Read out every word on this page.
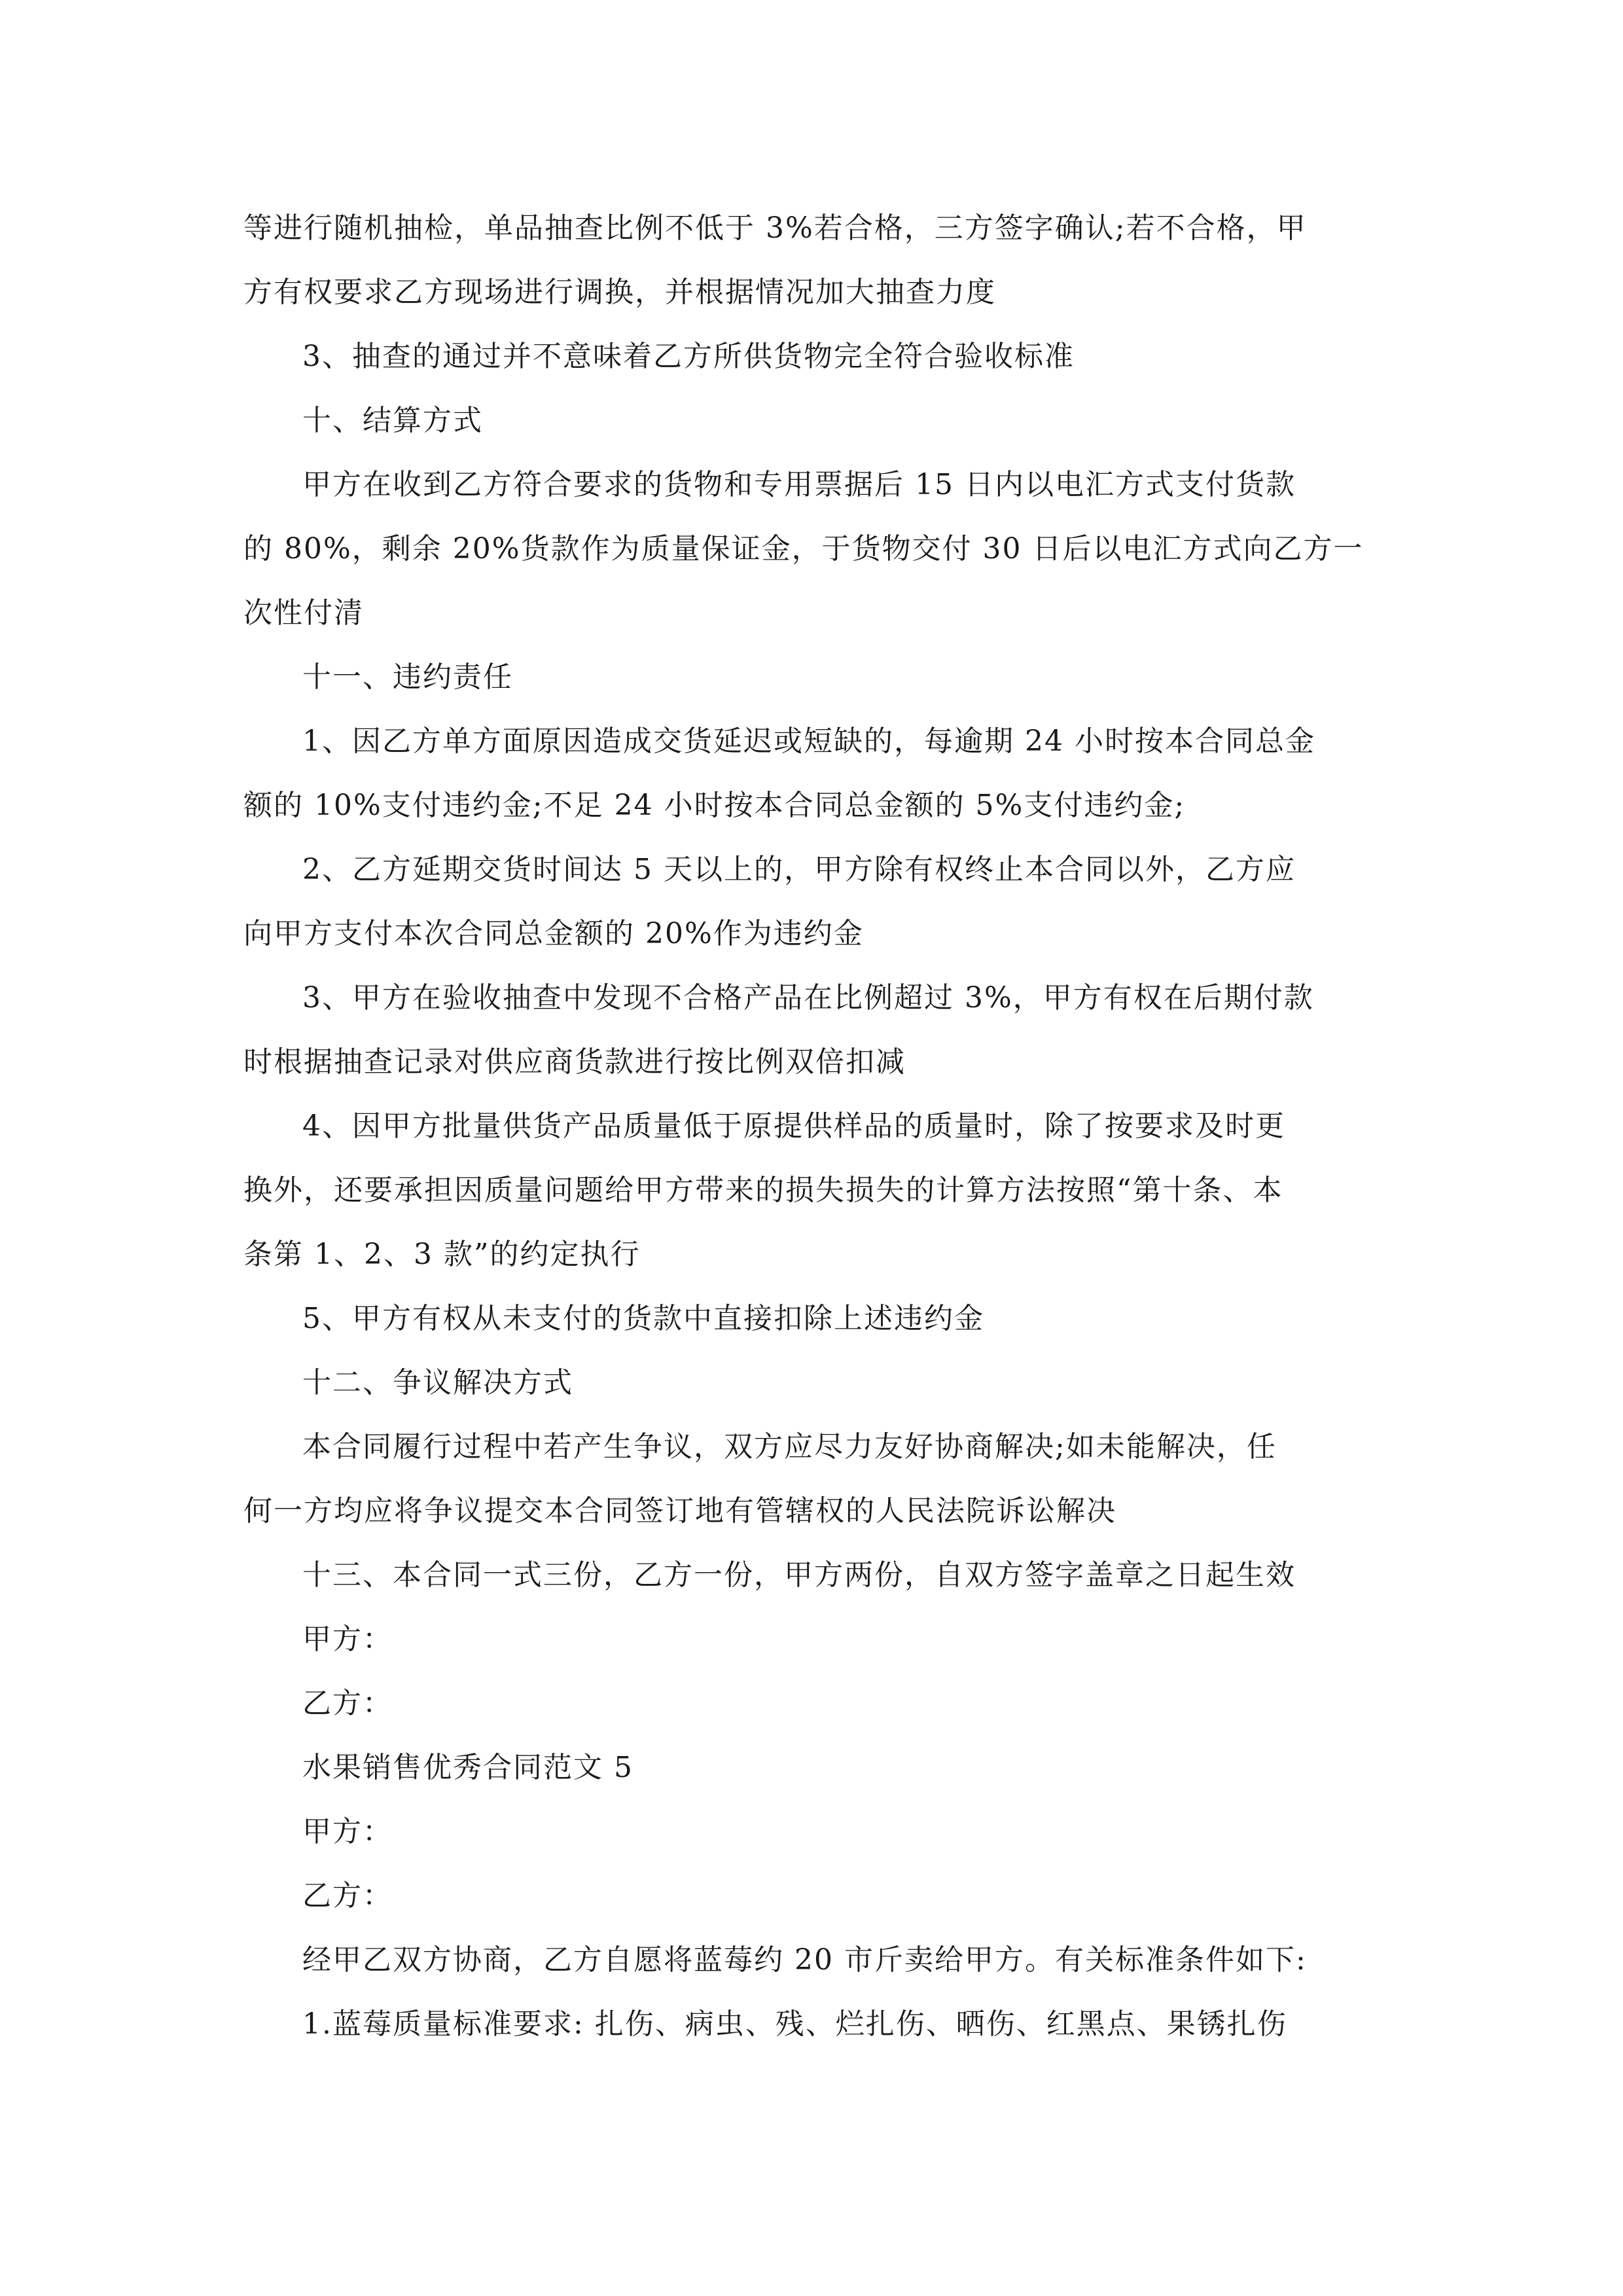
等进行随机抽检，单品抽查比例不低于 3%若合格，三方签字确认;若不合格，甲
方有权要求乙方现场进行调换，并根据情况加大抽查力度
3、抽查的通过并不意味着乙方所供货物完全符合验收标准
十、结算方式
甲方在收到乙方符合要求的货物和专用票据后 15 日内以电汇方式支付货款
的 80%，剩余 20%货款作为质量保证金，于货物交付 30 日后以电汇方式向乙方一
次性付清
十一、违约责任
1、因乙方单方面原因造成交货延迟或短缺的，每逾期 24 小时按本合同总金
额的 10%支付违约金;不足 24 小时按本合同总金额的 5%支付违约金;
2、乙方延期交货时间达 5 天以上的，甲方除有权终止本合同以外，乙方应
向甲方支付本次合同总金额的 20%作为违约金
3、甲方在验收抽查中发现不合格产品在比例超过 3%，甲方有权在后期付款
时根据抽查记录对供应商货款进行按比例双倍扣减
4、因甲方批量供货产品质量低于原提供样品的质量时，除了按要求及时更
换外，还要承担因质量问题给甲方带来的损失损失的计算方法按照“第十条、本
条第 1、2、3 款”的约定执行
5、甲方有权从未支付的货款中直接扣除上述违约金
十二、争议解决方式
本合同履行过程中若产生争议，双方应尽力友好协商解决;如未能解决，任
何一方均应将争议提交本合同签订地有管辖权的人民法院诉讼解决
十三、本合同一式三份，乙方一份，甲方两份，自双方签字盖章之日起生效
甲方：
乙方：
水果销售优秀合同范文 5
甲方：
乙方：
经甲乙双方协商，乙方自愿将蓝莓约 20 市斤卖给甲方。有关标准条件如下:
1.蓝莓质量标准要求: 扎伤、病虫、残、烂扎伤、晒伤、红黑点、果锈扎伤
